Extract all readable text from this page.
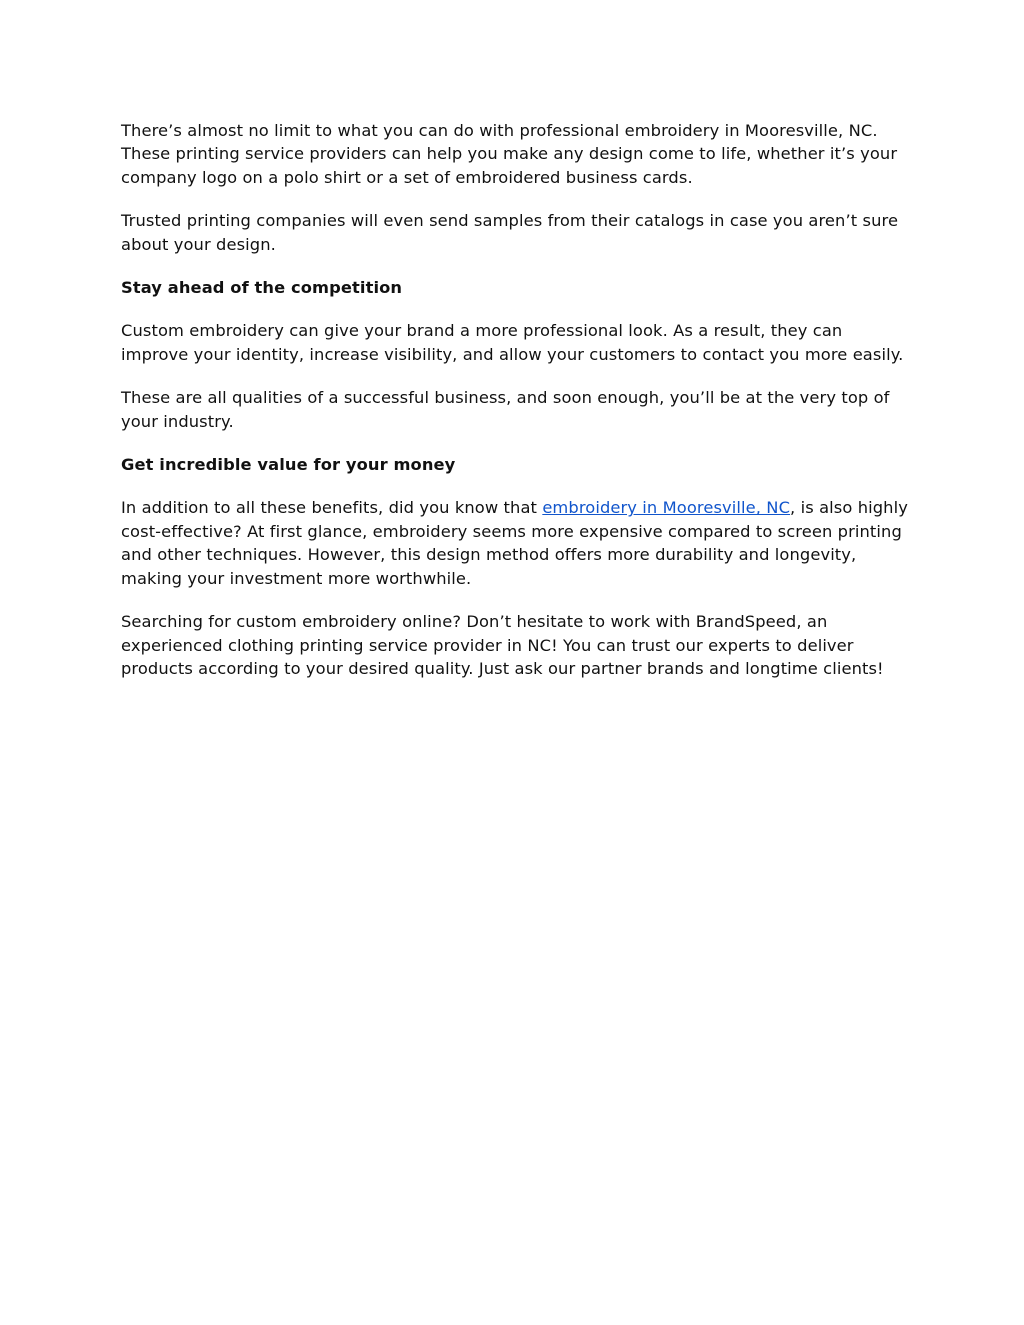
There’s almost no limit to what you can do with professional embroidery in Mooresville, NC. These printing service providers can help you make any design come to life, whether it’s your company logo on a polo shirt or a set of embroidered business cards.

Trusted printing companies will even send samples from their catalogs in case you aren’t sure about your design.

Stay ahead of the competition

Custom embroidery can give your brand a more professional look. As a result, they can improve your identity, increase visibility, and allow your customers to contact you more easily.

These are all qualities of a successful business, and soon enough, you’ll be at the very top of your industry.

Get incredible value for your money

In addition to all these benefits, did you know that embroidery in Mooresville, NC, is also highly cost-effective? At first glance, embroidery seems more expensive compared to screen printing and other techniques. However, this design method offers more durability and longevity, making your investment more worthwhile.

Searching for custom embroidery online? Don’t hesitate to work with BrandSpeed, an experienced clothing printing service provider in NC! You can trust our experts to deliver products according to your desired quality. Just ask our partner brands and longtime clients!
